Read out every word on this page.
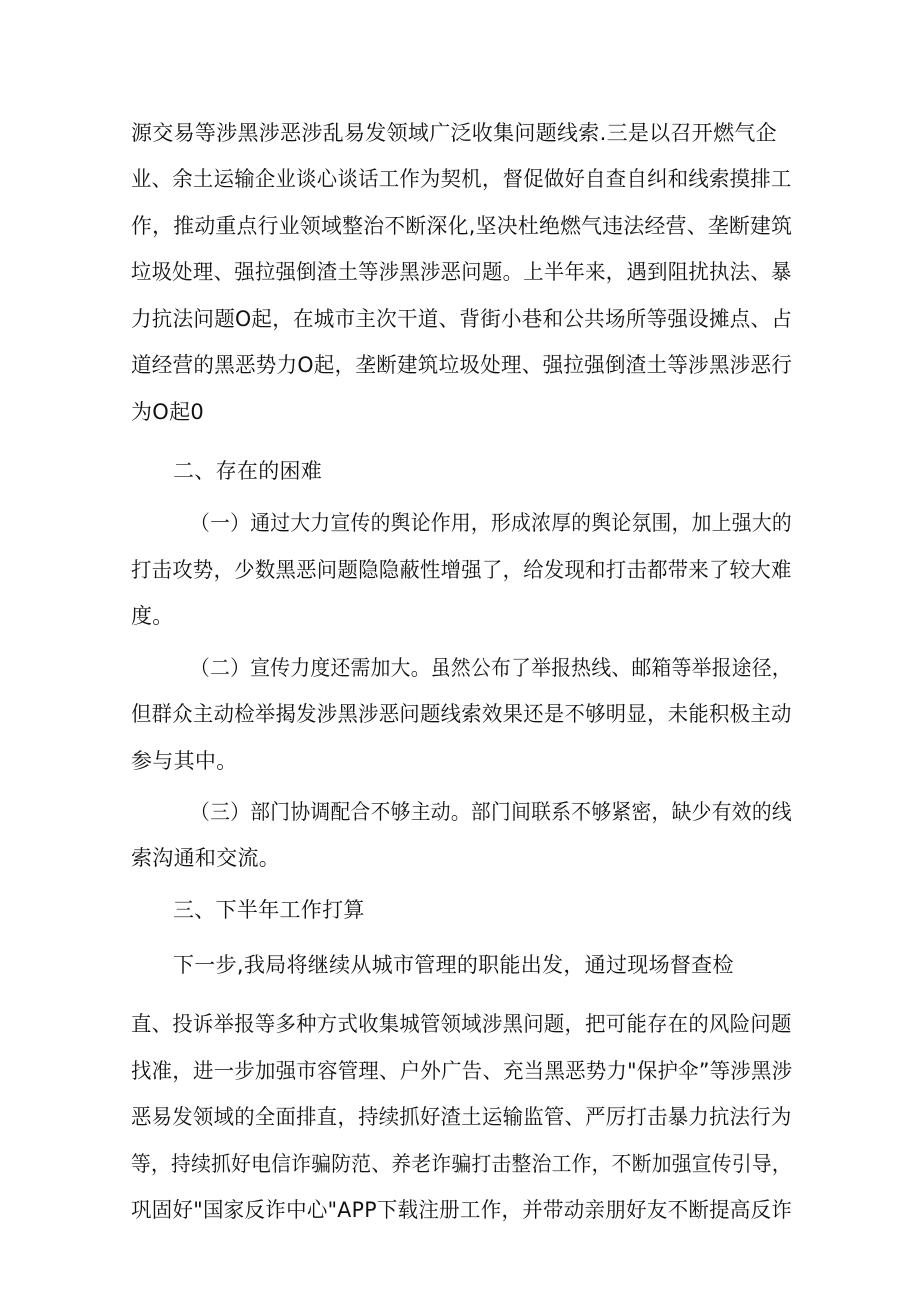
源交易等涉黑涉恶涉乱易发领域广泛收集问题线索.三是以召开燃气企
业、余土运输企业谈心谈话工作为契机，督促做好自查自纠和线索摸排工
作，推动重点行业领域整治不断深化,坚决杜绝燃气违法经营、垄断建筑
垃圾处理、强拉强倒渣土等涉黑涉恶问题。上半年来，遇到阻扰执法、暴
力抗法问题O起，在城市主次干道、背街小巷和公共场所等强设摊点、占
道经营的黑恶势力O起，垄断建筑垃圾处理、强拉强倒渣土等涉黑涉恶行
为O起0
二、存在的困难
（一）通过大力宣传的舆论作用，形成浓厚的舆论氛围，加上强大的
打击攻势，少数黑恶问题隐隐蔽性增强了，给发现和打击都带来了较大难
度。
（二）宣传力度还需加大。虽然公布了举报热线、邮箱等举报途径，
但群众主动检举揭发涉黑涉恶问题线索效果还是不够明显，未能积极主动
参与其中。
（三）部门协调配合不够主动。部门间联系不够紧密，缺少有效的线
索沟通和交流。
三、下半年工作打算
下一步,我局将继续从城市管理的职能出发，通过现场督查检
直、投诉举报等多种方式收集城管领域涉黑问题，把可能存在的风险问题
找准，进一步加强市容管理、户外广告、充当黑恶势力"保护伞”等涉黑涉
恶易发领域的全面排直，持续抓好渣土运输监管、严厉打击暴力抗法行为
等，持续抓好电信诈骗防范、养老诈骗打击整治工作，不断加强宣传引导，
巩固好"国家反诈中心"APP下载注册工作，并带动亲朋好友不断提高反诈
